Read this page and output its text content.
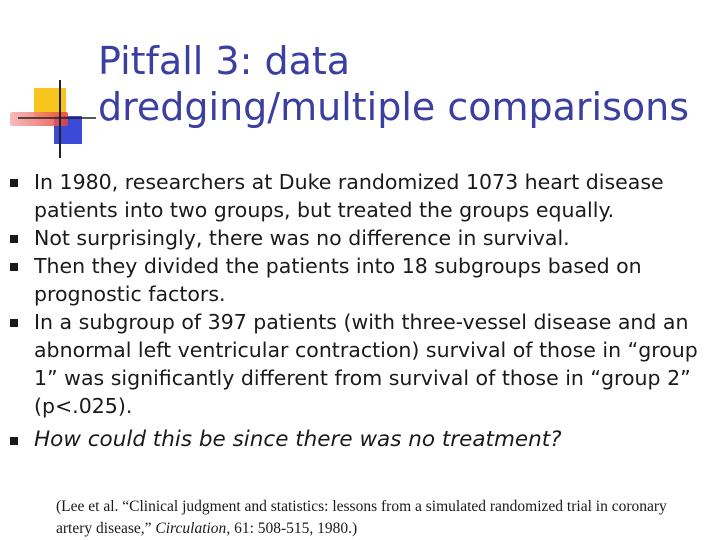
Pitfall 3: data
dredging/multiple comparisons
In 1980, researchers at Duke randomized 1073 heart disease patients into two groups, but treated the groups equally.
Not surprisingly, there was no difference in survival.
Then they divided the patients into 18 subgroups based on prognostic factors.
In a subgroup of 397 patients (with three-vessel disease and an abnormal left ventricular contraction) survival of those in “group 1” was significantly different from survival of those in “group 2” (p<.025).
How could this be since there was no treatment?
(Lee et al. “Clinical judgment and statistics: lessons from a simulated randomized trial in coronary artery disease,” Circulation, 61: 508-515, 1980.)
